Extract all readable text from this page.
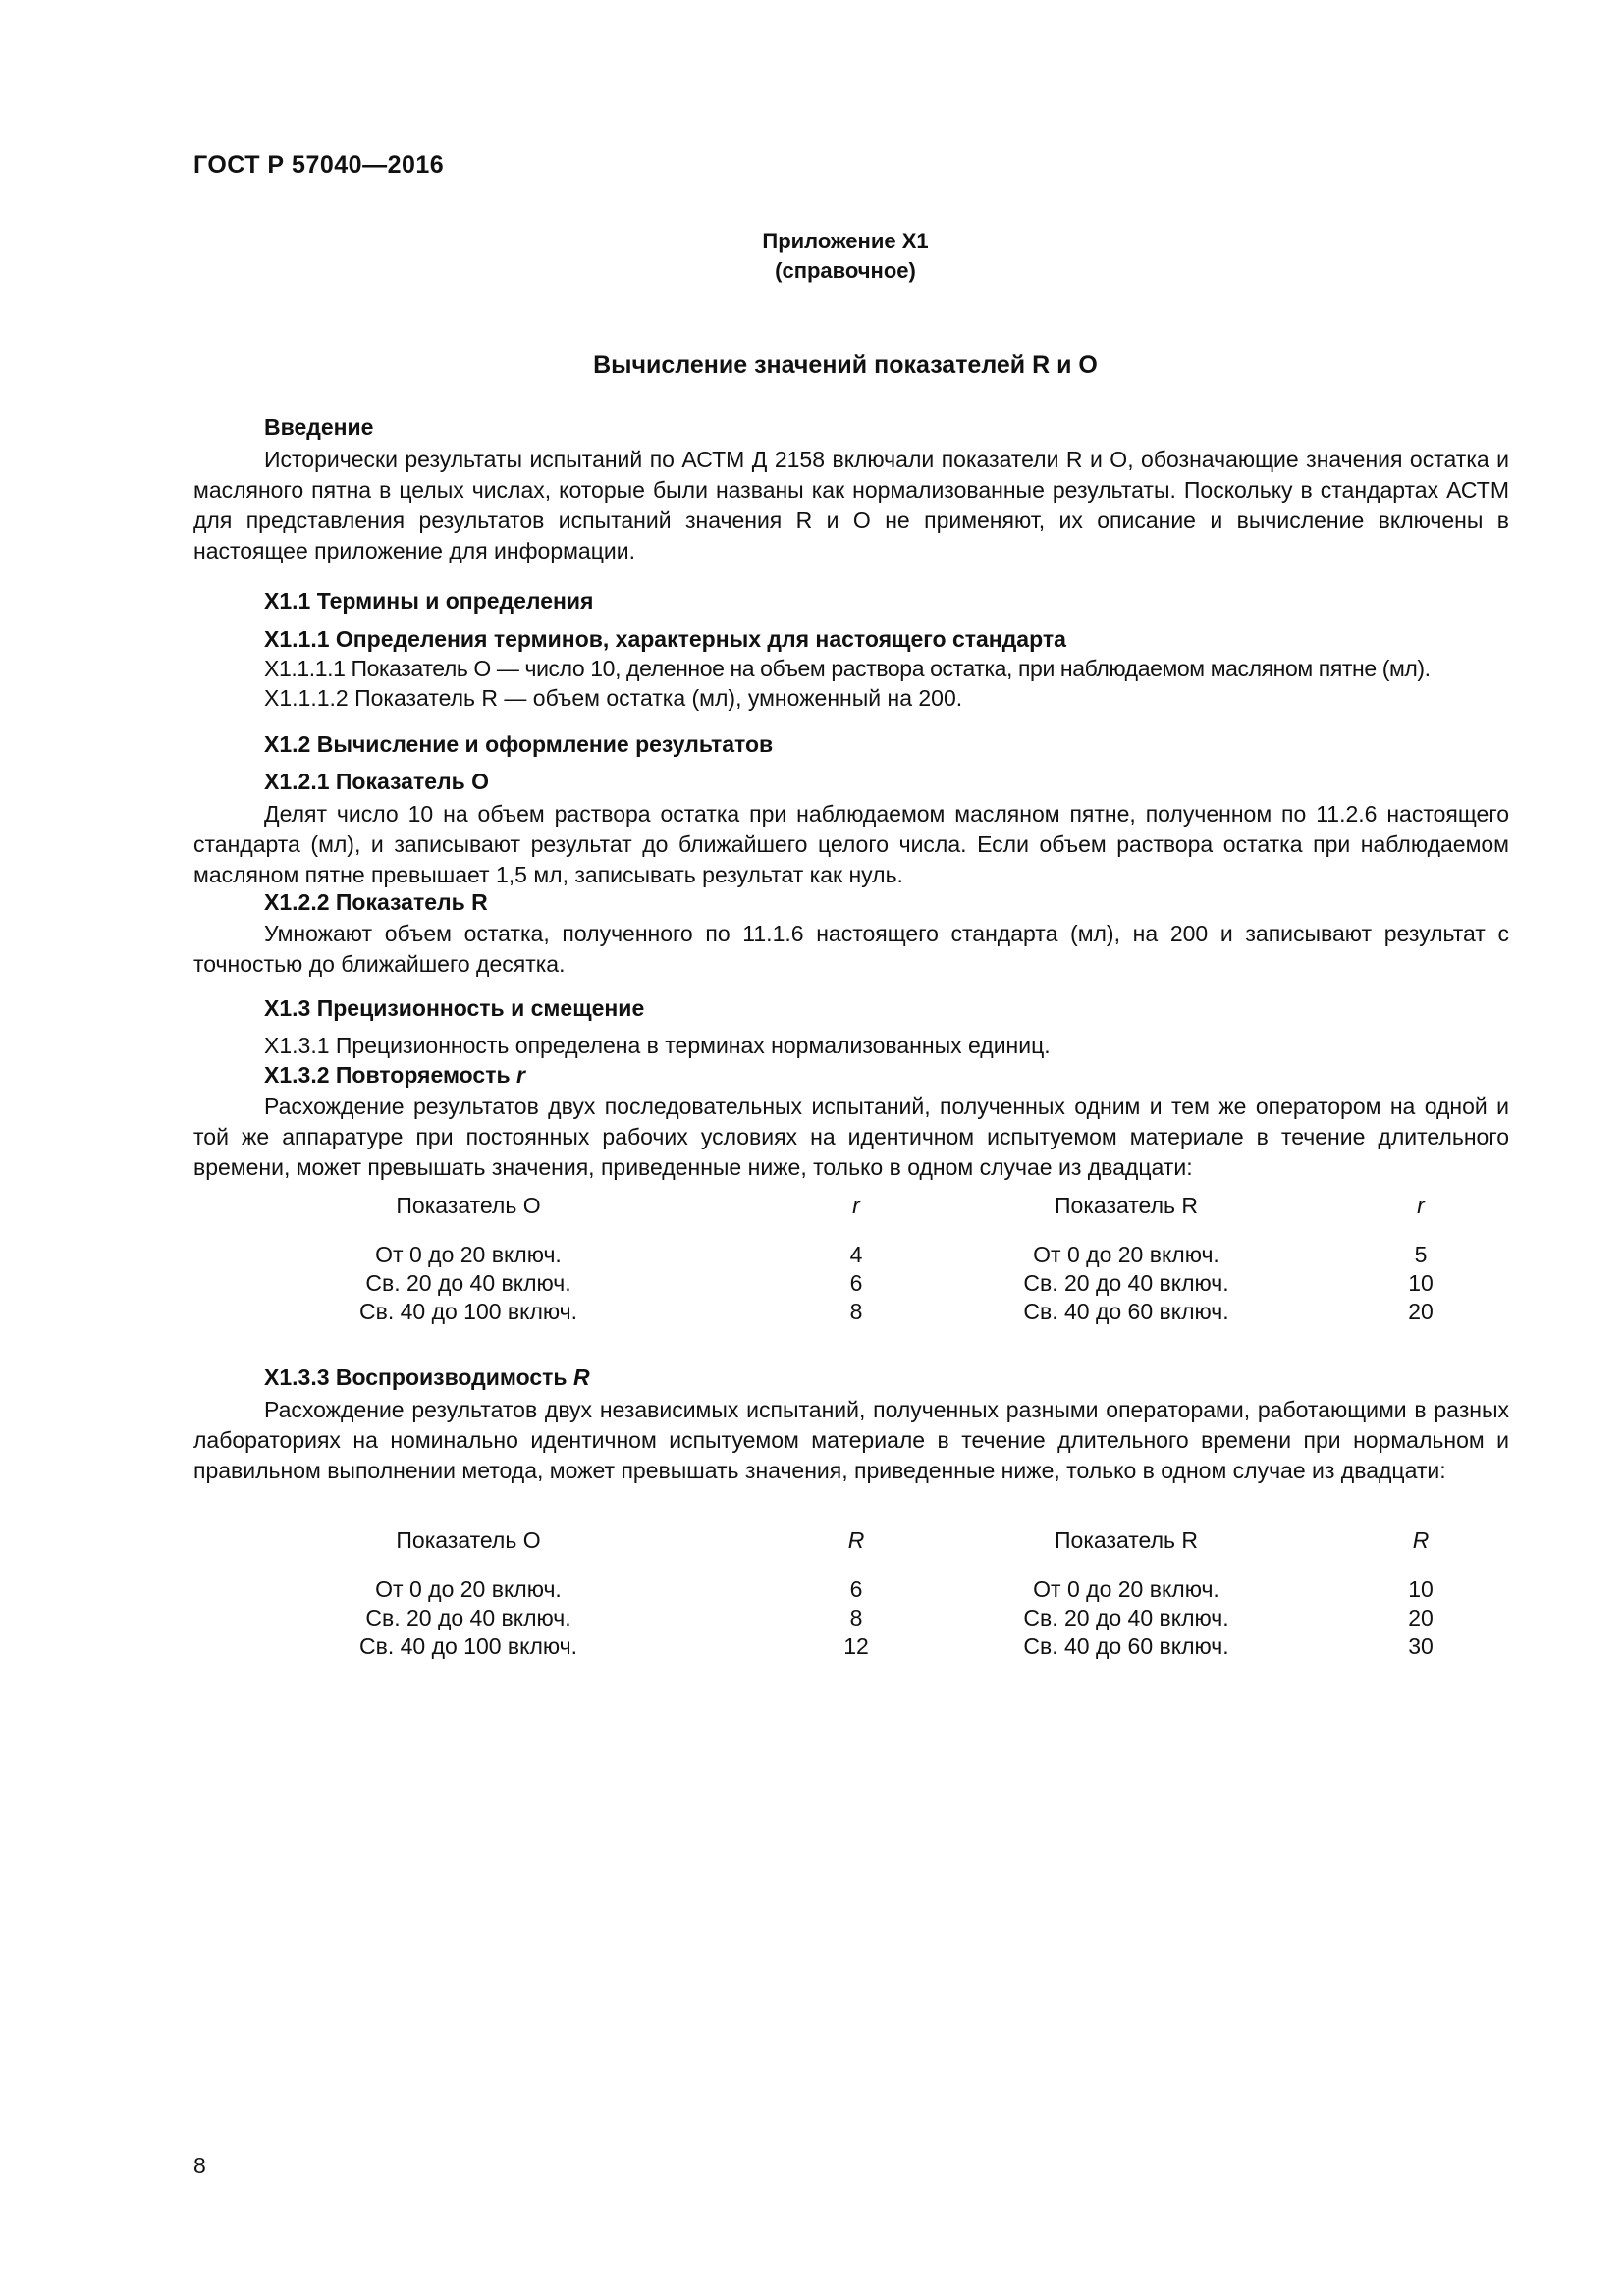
ГОСТ Р 57040—2016
Приложение Х1
(справочное)
Вычисление значений показателей R и O
Введение

Исторически результаты испытаний по АСТМ Д 2158 включали показатели R и O, обозначающие значения остатка и масляного пятна в целых числах, которые были названы как нормализованные результаты. Поскольку в стандартах АСТМ для представления результатов испытаний значения R и O не применяют, их описание и вычисление включены в настоящее приложение для информации.

X1.1 Термины и определения
X1.1.1 Определения терминов, характерных для настоящего стандарта
X1.1.1.1 Показатель O — число 10, деленное на объем раствора остатка, при наблюдаемом масляном пятне (мл).
X1.1.1.2 Показатель R — объем остатка (мл), умноженный на 200.
X1.2 Вычисление и оформление результатов
X1.2.1 Показатель O

Делят число 10 на объем раствора остатка при наблюдаемом масляном пятне, полученном по 11.2.6 настоящего стандарта (мл), и записывают результат до ближайшего целого числа. Если объем раствора остатка при наблюдаемом масляном пятне превышает 1,5 мл, записывать результат как нуль.

X1.2.2 Показатель R

Умножают объем остатка, полученного по 11.1.6 настоящего стандарта (мл), на 200 и записывают результат с точностью до ближайшего десятка.

X1.3 Прецизионность и смещение
X1.3.1 Прецизионность определена в терминах нормализованных единиц.
X1.3.2 Повторяемость r

Расхождение результатов двух последовательных испытаний, полученных одним и тем же оператором на одной и той же аппаратуре при постоянных рабочих условиях на идентичном испытуемом материале в течение длительного времени, может превышать значения, приведенные ниже, только в одном случае из двадцати:

Показатель O	r	Показатель R	r
От 0 до 20 включ.	4	От 0 до 20 включ.	5
Св. 20 до 40 включ.	6	Св. 20 до 40 включ.	10
Св. 40 до 100 включ.	8	Св. 40 до 60 включ.	20
X1.3.3 Воспроизводимость R

Расхождение результатов двух независимых испытаний, полученных разными операторами, работающими в разных лабораториях на номинально идентичном испытуемом материале в течение длительного времени при нормальном и правильном выполнении метода, может превышать значения, приведенные ниже, только в одном случае из двадцати:

Показатель O	R	Показатель R	R
От 0 до 20 включ.	6	От 0 до 20 включ.	10
Св. 20 до 40 включ.	8	Св. 20 до 40 включ.	20
Св. 40 до 100 включ.	12	Св. 40 до 60 включ.	30
8
